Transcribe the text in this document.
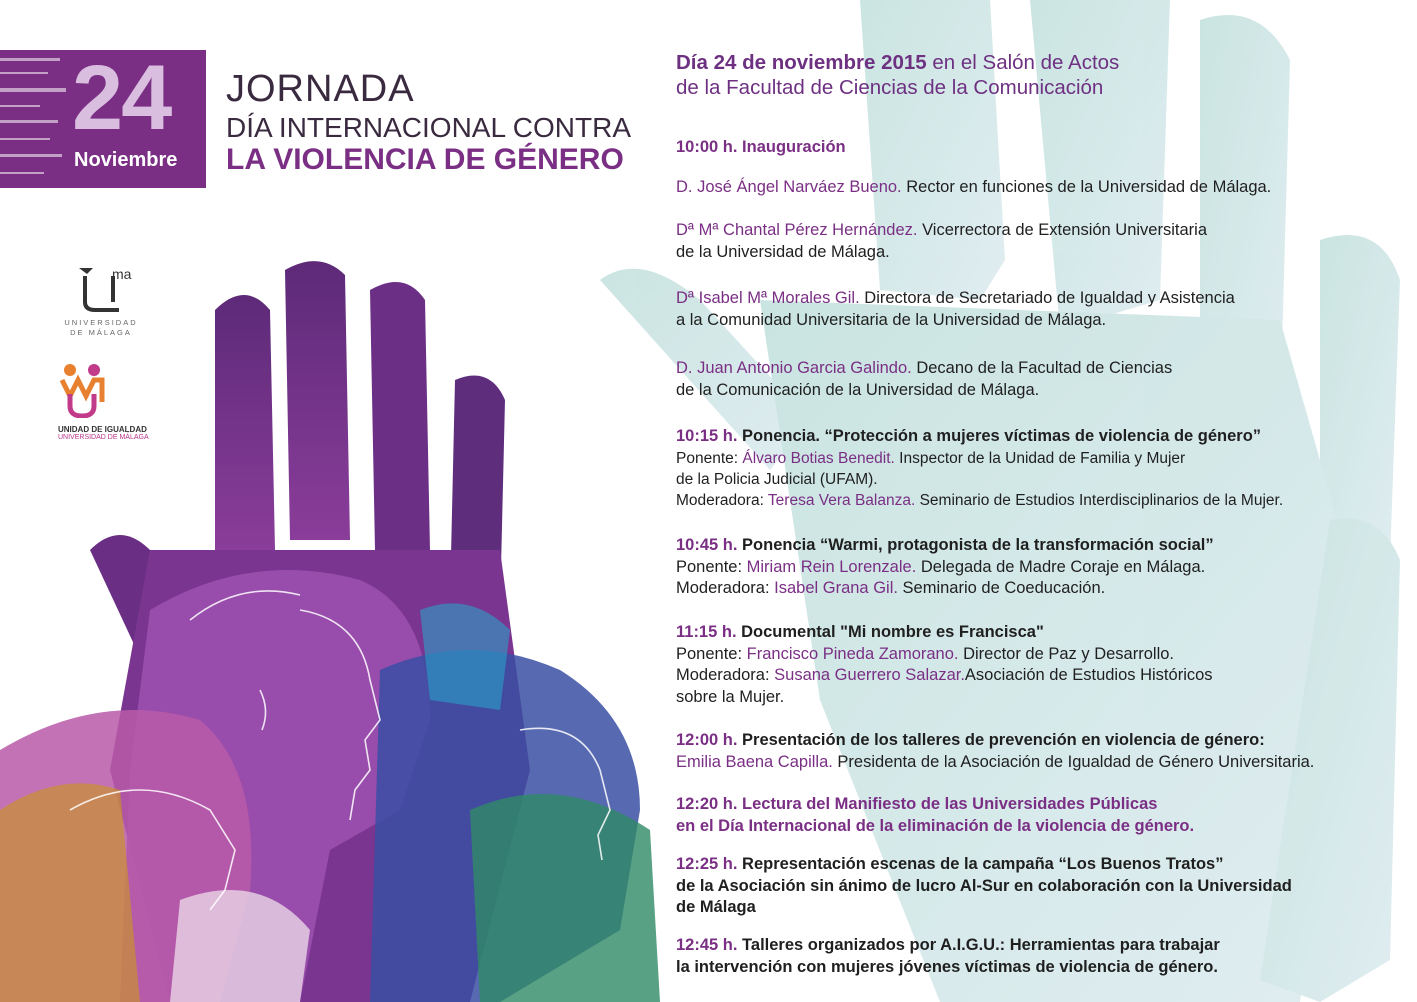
24
Noviembre
JORNADA
DÍA INTERNACIONAL CONTRA
LA VIOLENCIA DE GÉNERO
ma
UNIVERSIDAD
DE MÁLAGA
UNIDAD DE IGUALDAD
UNIVERSIDAD DE MÁLAGA
Día 24 de noviembre 2015 en el Salón de Actos
de la Facultad de Ciencias de la Comunicación
10:00 h. Inauguración
D. José Ángel Narváez Bueno. Rector en funciones de la Universidad de Málaga.
Dª Mª Chantal Pérez Hernández. Vicerrectora de Extensión Universitaria
de la Universidad de Málaga.
Dª Isabel Mª Morales Gil. Directora de Secretariado de Igualdad y Asistencia
a la Comunidad Universitaria de la Universidad de Málaga.
D. Juan Antonio Garcia Galindo. Decano de la Facultad de Ciencias
de la Comunicación de la Universidad de Málaga.
10:15 h. Ponencia. “Protección a mujeres víctimas de violencia de género”
Ponente: Álvaro Botias Benedit. Inspector de la Unidad de Familia y Mujer
de la Policia Judicial (UFAM).
Moderadora: Teresa Vera Balanza. Seminario de Estudios Interdisciplinarios de la Mujer.
10:45 h. Ponencia “Warmi, protagonista de la transformación social”
Ponente: Miriam Rein Lorenzale. Delegada de Madre Coraje en Málaga.
Moderadora: Isabel Grana Gil. Seminario de Coeducación.
11:15 h. Documental "Mi nombre es Francisca"
Ponente: Francisco Pineda Zamorano. Director de Paz y Desarrollo.
Moderadora: Susana Guerrero Salazar.Asociación de Estudios Históricos
sobre la Mujer.
12:00 h. Presentación de los talleres de prevención en violencia de género:
Emilia Baena Capilla. Presidenta de la Asociación de Igualdad de Género Universitaria.
12:20 h. Lectura del Manifiesto de las Universidades Públicas
en el Día Internacional de la eliminación de la violencia de género.
12:25 h. Representación escenas de la campaña “Los Buenos Tratos”
de la Asociación sin ánimo de lucro Al-Sur en colaboración con la Universidad
de Málaga
12:45 h. Talleres organizados por A.I.G.U.: Herramientas para trabajar
la intervención con mujeres jóvenes víctimas de violencia de género.
